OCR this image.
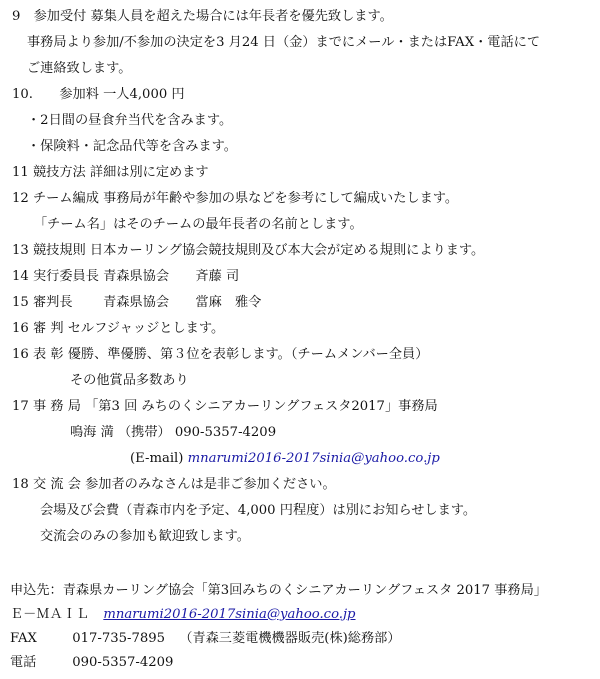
9　参加受付 募集人員を超えた場合には年長者を優先致します。
事務局より参加/不参加の決定を3 月24 日（金）までにメール・またはFAX・電話にて
ご連絡致します。
10.　　参加料 一人4,000 円
・2日間の昼食弁当代を含みます。
・保険料・記念品代等を含みます。
11 競技方法 詳細は別に定めます
12 チーム編成 事務局が年齢や参加の県などを参考にして編成いたします。
「チーム名」はそのチームの最年長者の名前とします。
13 競技規則 日本カーリング協会競技規則及び本大会が定める規則によります。
14 実行委員長 青森県協会　　斉藤 司
15 審判長　　 青森県協会　　當麻　雅令
16 審 判 セルフジャッジとします。
16 表 彰 優勝、準優勝、第３位を表彰します。（チームメンバー全員）
その他賞品多数あり
17 事 務 局 「第3 回 みちのくシニアカーリングフェスタ2017」事務局
鳴海 満 （携帯） 090-5357-4209
(E-mail) mnarumi2016-2017sinia@yahoo.co.jp
18 交 流 会 参加者のみなさんは是非ご参加ください。
会場及び会費（青森市内を予定、4,000 円程度）は別にお知らせします。
交流会のみの参加も歓迎致します。
申込先：青森県カーリング協会「第3回みちのくシニアカーリングフェスタ 2017 事務局」
Ｅ－ＭＡＩＬ mnarumi2016-2017sinia@yahoo.co.jp
FAX	017-735-7895 （青森三菱電機機器販売(株)総務部）
電話	090-5357-4209
